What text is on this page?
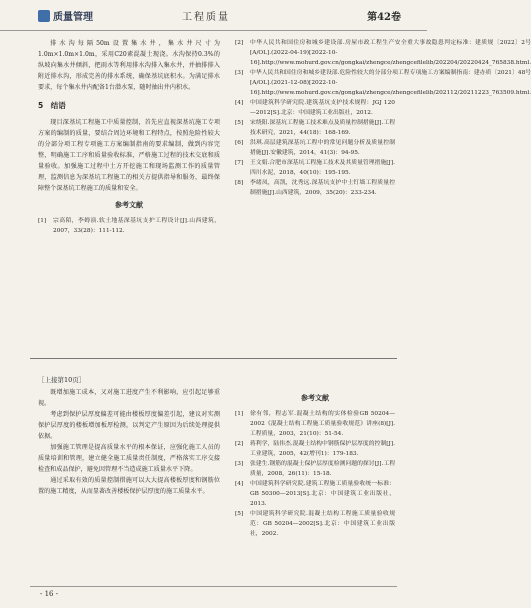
质量管理	工程质量	第42卷

排水沟每隔50m设置集水井，集水井尺寸为1.0m×1.0m×1.0m，采用C20素混凝土现浇。水沟保持0.3%的纵坡向集水井倾斜，把雨水等利用排水沟排入集水井，并抽排排入附近排水沟，形成完善的排水系统，确保基坑底积水。为满足排水要求，每个集水井内配备1台潜水泵，随时抽出井内积水。

5　结语

现目深基坑工程施工中质量控制，首先应直视深基坑施工专项方案的编制的质量，要结合周边环境和工程特点，按照危险性较大的分部分项工程专项施工方案编制指南的要求编制，做到内容完整，明确施工工序和质量验收标准，严格施工过程的技术交底和质量验收。加强施工过程中土方开挖施工和现场监测工作的质量管理，监测信息为深基坑工程施工的相关方提供指导和服务，最终保障整个深基坑工程施工的质量和安全。

参考文献
[1]	宗高陌，李姆演.软土地基深基坑支护工程设计[J].山西建筑，2007，33(28)：111-112.
[2]	中华人民共和国住房和城乡建设部.房屋市政工程生产安全重大事故隐患判定标准：建质规〔2022〕2号[A/OL].(2022-04-19)[2022-10-16].http://www.mohurd.gov.cn/gongkai/zhengce/zhengcefilelib/202204/20220424_765838.html.
[3]	中华人民共和国住房和城乡建设部.危险性较大的分部分项工程专项施工方案编制指南：建办质〔2021〕48号[A/OL].(2021-12-08)[2022-10-16].http://www.mohurd.gov.cn/gongkai/zhengce/zhengcefilelib/202112/20211223_763509.html.
[4]	中国建筑科学研究院.建筑基坑支护技术规程：JGJ 120—2012[S].北京：中国建筑工业出版社，2012.
[5]	宋绕阳.深基坑工程施工技术难点及质量控制措施[J].工程技术研究，2021，44(18)：168-169.
[6]	洪琪.高层建筑深基坑工程中的常见问题分析及质量控制措施[J].安徽建筑，2014，41(3)：94-95.
[7]	王文娟.合肥市深基坑工程施工技术及其质量管理措施[J].四川水泥，2018，40(10)：195-195.
[8]	李绪凤，高凯，沈秀远.深基坑支护中土钉墙工程质量控制措施[J].山西建筑，2009，35(20)：233-234.
［上接第10页］

既增加施工成本，又对施工进度产生不利影响，应引起足够重视。

考虑到保护层厚度偏差可能由楼板厚度偏差引起，建议对实测保护层厚度的楼板增加板厚检测，以判定产生原因为后续处理提供依据。

加强施工管理是提高质量水平的根本保证，应强化施工人员的质量培训和管理，建立健全施工质量责任制度，严格落实工序交接检查和成品保护，避免因管理不当造成施工质量水平下降。

通过采取有效的质量控制措施可以大大提高楼板厚度和钢筋位置的施工精度，从而显著改善楼板保护层厚度的施工质量水平。

参考文献
[1]	徐有邻，程志军.混凝土结构的实体检验GB 50204—2002《混凝土结构工程施工质量验收规范》讲座(8)[J].工程质量，2003，21(10)：51-54.
[2]	蒋利学，陆伟杰.混凝土结构中钢筋保护层厚度的控制[J].工业建筑，2005，42(增刊1)：179-183.
[3]	张建生.钢筋的混凝土保护层厚度检测问题的探讨[J].工程质量，2008，26(11)：15-18.
[4]	中国建筑科学研究院.建筑工程施工质量验收统一标准：GB 50300—2013[S].北京：中国建筑工业出版社，2013.
[5]	中国建筑科学研究院.混凝土结构工程施工质量验收规范：GB 50204—2002[S].北京：中国建筑工业出版社，2002.
- 16 -
